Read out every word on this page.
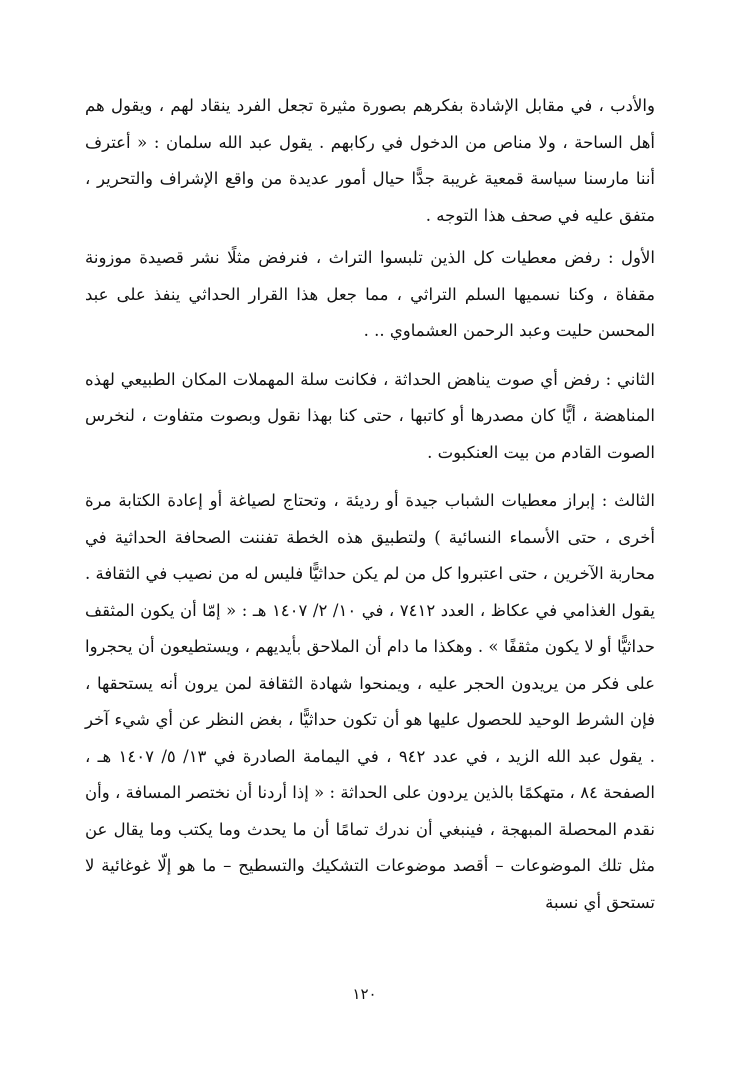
والأدب ، في مقابل الإشادة بفكرهم بصورة مثيرة تجعل الفرد ينقاد لهم ، ويقول هم أهل الساحة ، ولا مناص من الدخول في ركابهم . يقول عبد الله سلمان : « أعترف أننا مارسنا سياسة قمعية غريبة جدًّا حيال أمور عديدة من واقع الإشراف والتحرير ، متفق عليه في صحف هذا التوجه .

الأول : رفض معطيات كل الذين تلبسوا التراث ، فنرفض مثلًا نشر قصيدة موزونة مقفاة ، وكنا نسميها السلم التراثي ، مما جعل هذا القرار الحداثي ينفذ على عبد المحسن حليت وعبد الرحمن العشماوي .. .

الثاني : رفض أي صوت يناهض الحداثة ، فكانت سلة المهملات المكان الطبيعي لهذه المناهضة ، أيًّا كان مصدرها أو كاتبها ، حتى كنا بهذا نقول وبصوت متفاوت ، لنخرس الصوت القادم من بيت العنكبوت .

الثالث : إبراز معطيات الشباب جيدة أو رديئة ، وتحتاج لصياغة أو إعادة الكتابة مرة أخرى ، حتى الأسماء النسائية ) ولتطبيق هذه الخطة تفننت الصحافة الحداثية في محاربة الآخرين ، حتى اعتبروا كل من لم يكن حداثيًّا فليس له من نصيب في الثقافة . يقول الغذامي في عكاظ ، العدد ٧٤١٢ ، في ١٠/ ٢/ ١٤٠٧ هـ : « إمّا أن يكون المثقف حداثيًّا أو لا يكون مثقفًا » . وهكذا ما دام أن الملاحق بأيديهم ، ويستطيعون أن يحجروا على فكر من يريدون الحجر عليه ، ويمنحوا شهادة الثقافة لمن يرون أنه يستحقها ، فإن الشرط الوحيد للحصول عليها هو أن تكون حداثيًّا ، بغض النظر عن أي شيء آخر . يقول عبد الله الزيد ، في عدد ٩٤٢ ، في اليمامة الصادرة في ١٣/ ٥/ ١٤٠٧ هـ ، الصفحة ٨٤ ، متهكمًا بالذين يردون على الحداثة : « إذا أردنا أن نختصر المسافة ، وأن نقدم المحصلة المبهجة ، فينبغي أن ندرك تمامًا أن ما يحدث وما يكتب وما يقال عن مثل تلك الموضوعات – أقصد موضوعات التشكيك والتسطيح – ما هو إلّا غوغائية لا تستحق أي نسبة

١٢٠
